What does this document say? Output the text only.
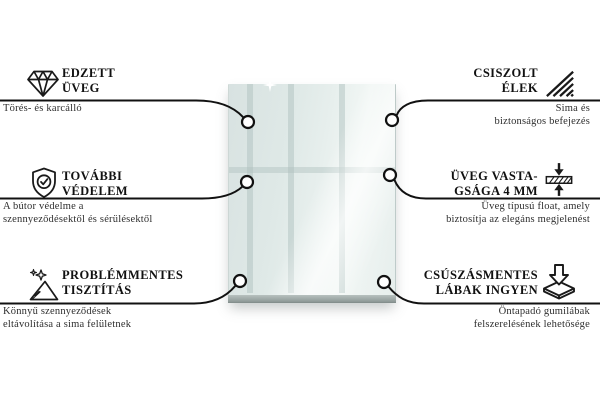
EDZETT
ÜVEG

Törés- és karcálló

TOVÁBBI
VÉDELEM

A bútor védelme a
szennyeződésektől és sérülésektől

PROBLÉMMENTES
TISZTÍTÁS

Könnyű szennyeződések
eltávolítása a sima felületnek

CSISZOLT
ÉLEK

Sima és
biztonságos befejezés

ÜVEG VASTA-
GSÁGA 4 MM

Üveg típusú float, amely
biztosítja az elegáns megjelenést

CSÚSZÁSMENTES
LÁBAK INGYEN

Öntapadó gumilábak
felszerelésének lehetősége
